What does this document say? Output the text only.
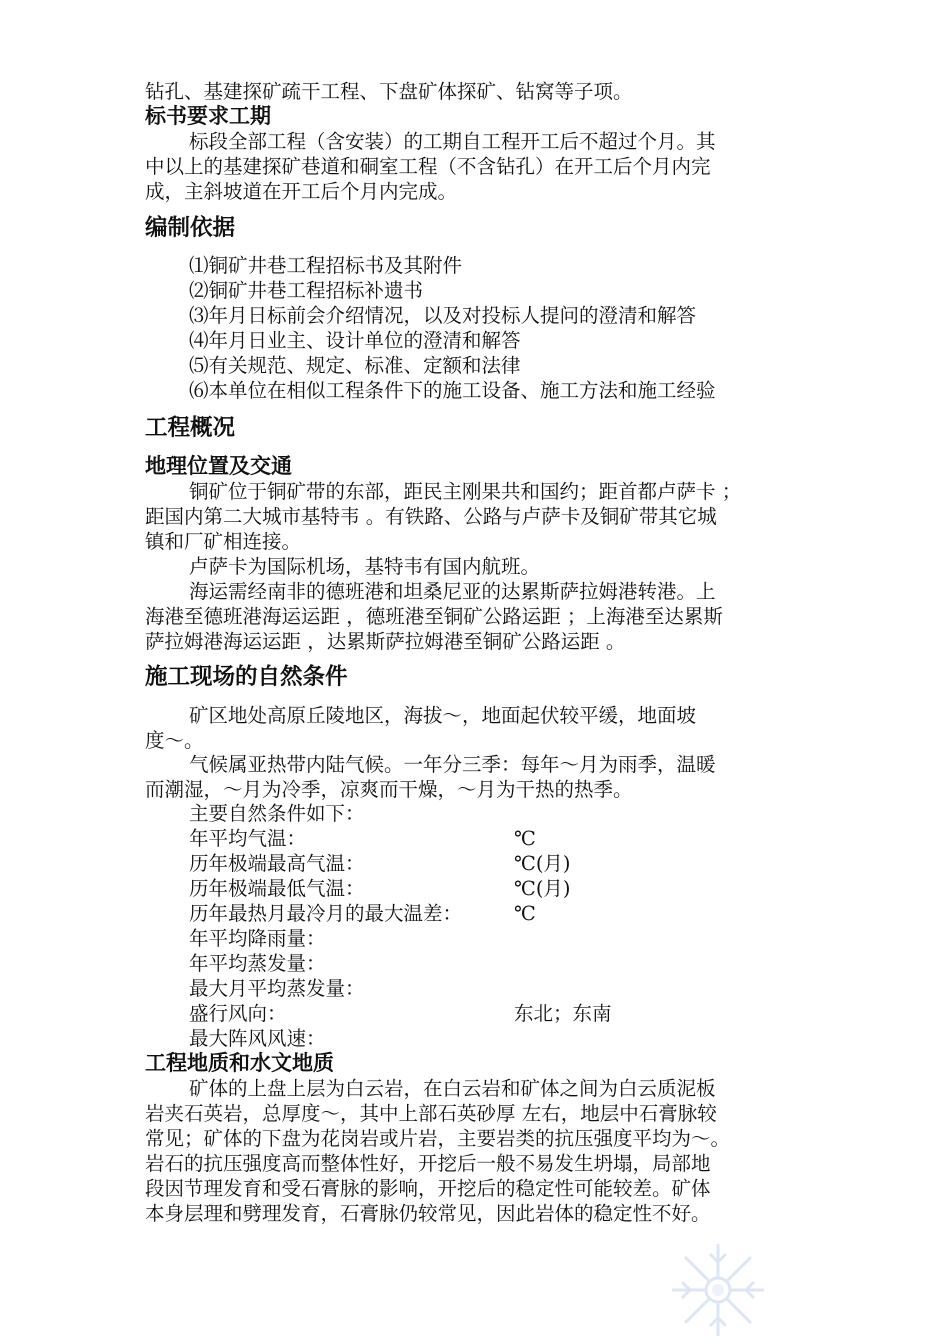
钻孔、基建探矿疏干工程、下盘矿体探矿、钻窝等子项。
标书要求工期
标段全部工程（含安装）的工期自工程开工后不超过个月。其
中以上的基建探矿巷道和硐室工程（不含钻孔）在开工后个月内完
成，主斜坡道在开工后个月内完成。
编制依据
⑴铜矿井巷工程招标书及其附件
⑵铜矿井巷工程招标补遗书
⑶年月日标前会介绍情况，以及对投标人提问的澄清和解答
⑷年月日业主、设计单位的澄清和解答
⑸有关规范、规定、标准、定额和法律
⑹本单位在相似工程条件下的施工设备、施工方法和施工经验
工程概况
地理位置及交通
铜矿位于铜矿带的东部，距民主刚果共和国约；距首都卢萨卡 ；
距国内第二大城市基特韦 。有铁路、公路与卢萨卡及铜矿带其它城
镇和厂矿相连接。
卢萨卡为国际机场，基特韦有国内航班。
海运需经南非的德班港和坦桑尼亚的达累斯萨拉姆港转港。上
海港至德班港海运运距 ，德班港至铜矿公路运距 ；上海港至达累斯
萨拉姆港海运运距 ，达累斯萨拉姆港至铜矿公路运距 。
施工现场的自然条件
矿区地处高原丘陵地区，海拔～，地面起伏较平缓，地面坡
度～。
气候属亚热带内陆气候。一年分三季：每年～月为雨季，温暖
而潮湿，～月为冷季，凉爽而干燥，～月为干热的热季。
主要自然条件如下：
年平均气温：	℃
历年极端最高气温：	℃(月)
历年极端最低气温：	℃(月)
历年最热月最冷月的最大温差：	℃
年平均降雨量：
年平均蒸发量：
最大月平均蒸发量：
盛行风向：	东北；东南
最大阵风风速：
工程地质和水文地质
矿体的上盘上层为白云岩，在白云岩和矿体之间为白云质泥板
岩夹石英岩，总厚度～，其中上部石英砂厚 左右，地层中石膏脉较
常见；矿体的下盘为花岗岩或片岩，主要岩类的抗压强度平均为～。
岩石的抗压强度高而整体性好，开挖后一般不易发生坍塌，局部地
段因节理发育和受石膏脉的影响，开挖后的稳定性可能较差。矿体
本身层理和劈理发育，石膏脉仍较常见，因此岩体的稳定性不好。
